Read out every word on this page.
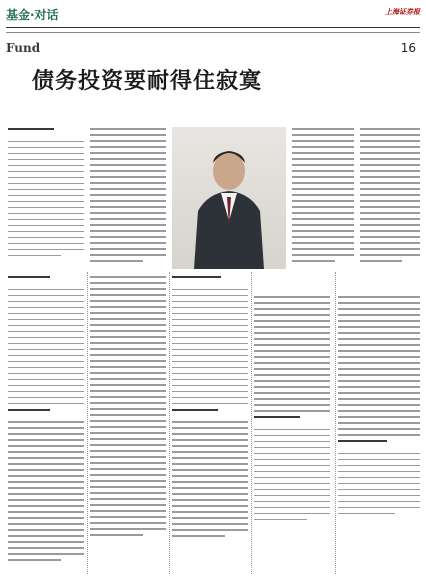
基金·对话	上海证券报
Fund	16
债务投资要耐得住寂寞
